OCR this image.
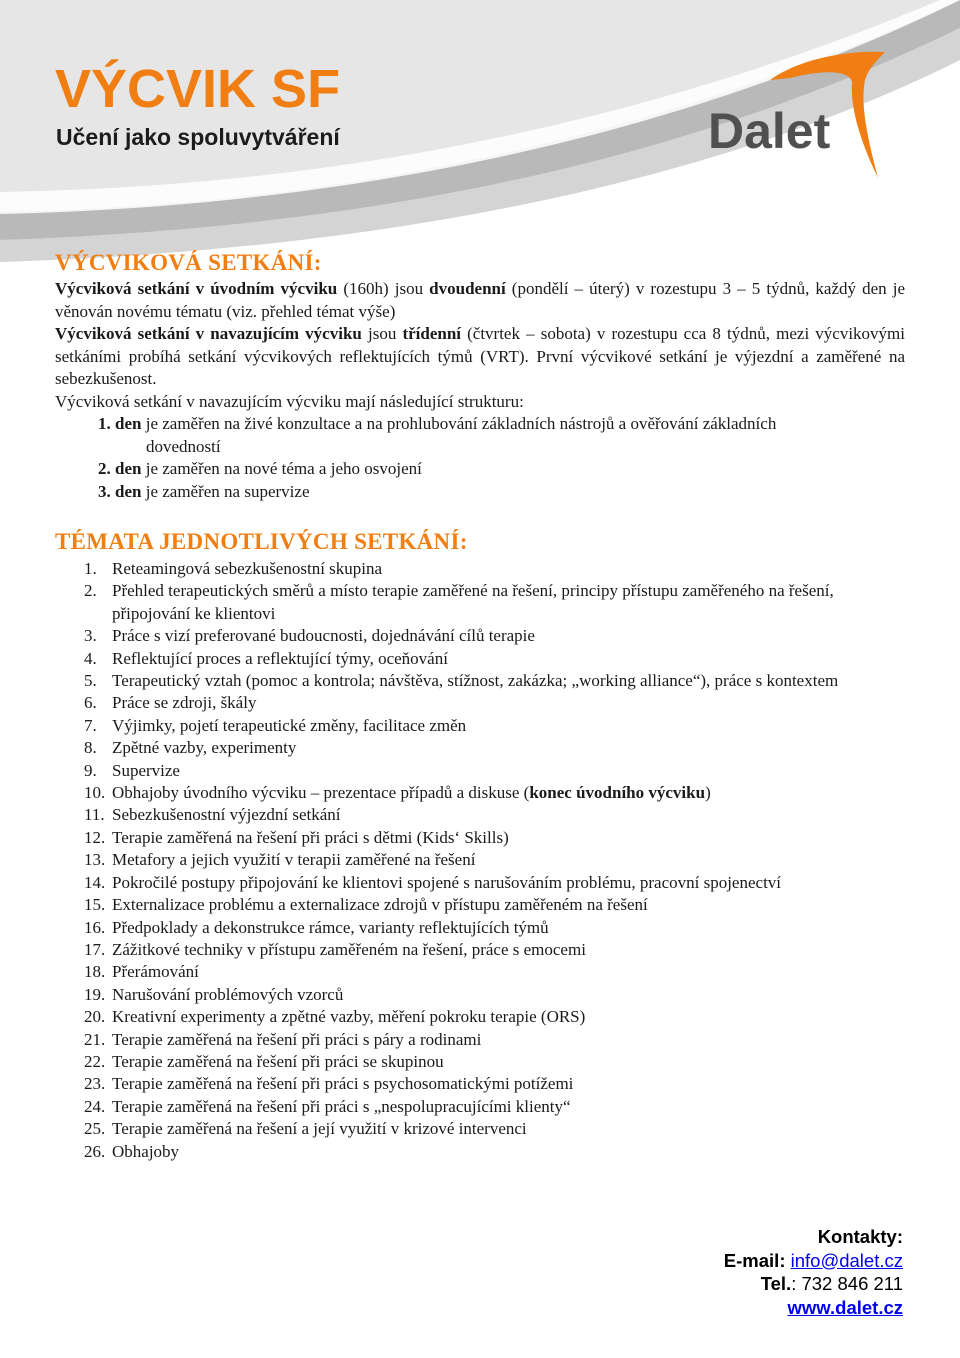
VÝCVIK SF
Učení jako spoluvytváření	Dalet
VÝCVIKOVÁ SETKÁNÍ:

Výcviková setkání v úvodním výcviku (160h) jsou dvoudenní (pondělí – úterý) v rozestupu 3 – 5 týdnů, každý den je věnován novému tématu (viz. přehled témat výše)

Výcviková setkání v navazujícím výcviku jsou třídenní (čtvrtek – sobota) v rozestupu cca 8 týdnů, mezi výcvikovými setkáními probíhá setkání výcvikových reflektujících týmů (VRT). První výcvikové setkání je výjezdní a zaměřené na sebezkušenost.

Výcviková setkání v navazujícím výcviku mají následující strukturu:

1. den je zaměřen na živé konzultace a na prohlubování základních nástrojů a ověřování základních
dovedností
2. den je zaměřen na nové téma a jeho osvojení
3. den je zaměřen na supervize
TÉMATA JEDNOTLIVÝCH SETKÁNÍ:
1. Reteamingová sebezkušenostní skupina
2. Přehled terapeutických směrů a místo terapie zaměřené na řešení, principy přístupu zaměřeného na řešení, připojování ke klientovi
3. Práce s vizí preferované budoucnosti, dojednávání cílů terapie
4. Reflektující proces a reflektující týmy, oceňování
5. Terapeutický vztah (pomoc a kontrola; návštěva, stížnost, zakázka; „working alliance“), práce s kontextem
6. Práce se zdroji, škály
7. Výjimky, pojetí terapeutické změny, facilitace změn
8. Zpětné vazby, experimenty
9. Supervize
10. Obhajoby úvodního výcviku – prezentace případů a diskuse (konec úvodního výcviku)
11. Sebezkušenostní výjezdní setkání
12. Terapie zaměřená na řešení při práci s dětmi (Kids‘ Skills)
13. Metafory a jejich využití v terapii zaměřené na řešení
14. Pokročilé postupy připojování ke klientovi spojené s narušováním problému, pracovní spojenectví
15. Externalizace problému a externalizace zdrojů v přístupu zaměřeném na řešení
16. Předpoklady a dekonstrukce rámce, varianty reflektujících týmů
17. Zážitkové techniky v přístupu zaměřeném na řešení, práce s emocemi
18. Přerámování
19. Narušování problémových vzorců
20. Kreativní experimenty a zpětné vazby, měření pokroku terapie (ORS)
21. Terapie zaměřená na řešení při práci s páry a rodinami
22. Terapie zaměřená na řešení při práci se skupinou
23. Terapie zaměřená na řešení při práci s psychosomatickými potížemi
24. Terapie zaměřená na řešení při práci s „nespolupracujícími klienty“
25. Terapie zaměřená na řešení a její využití v krizové intervenci
26. Obhajoby
Kontakty:
E-mail: info@dalet.cz
Tel.: 732 846 211
www.dalet.cz
